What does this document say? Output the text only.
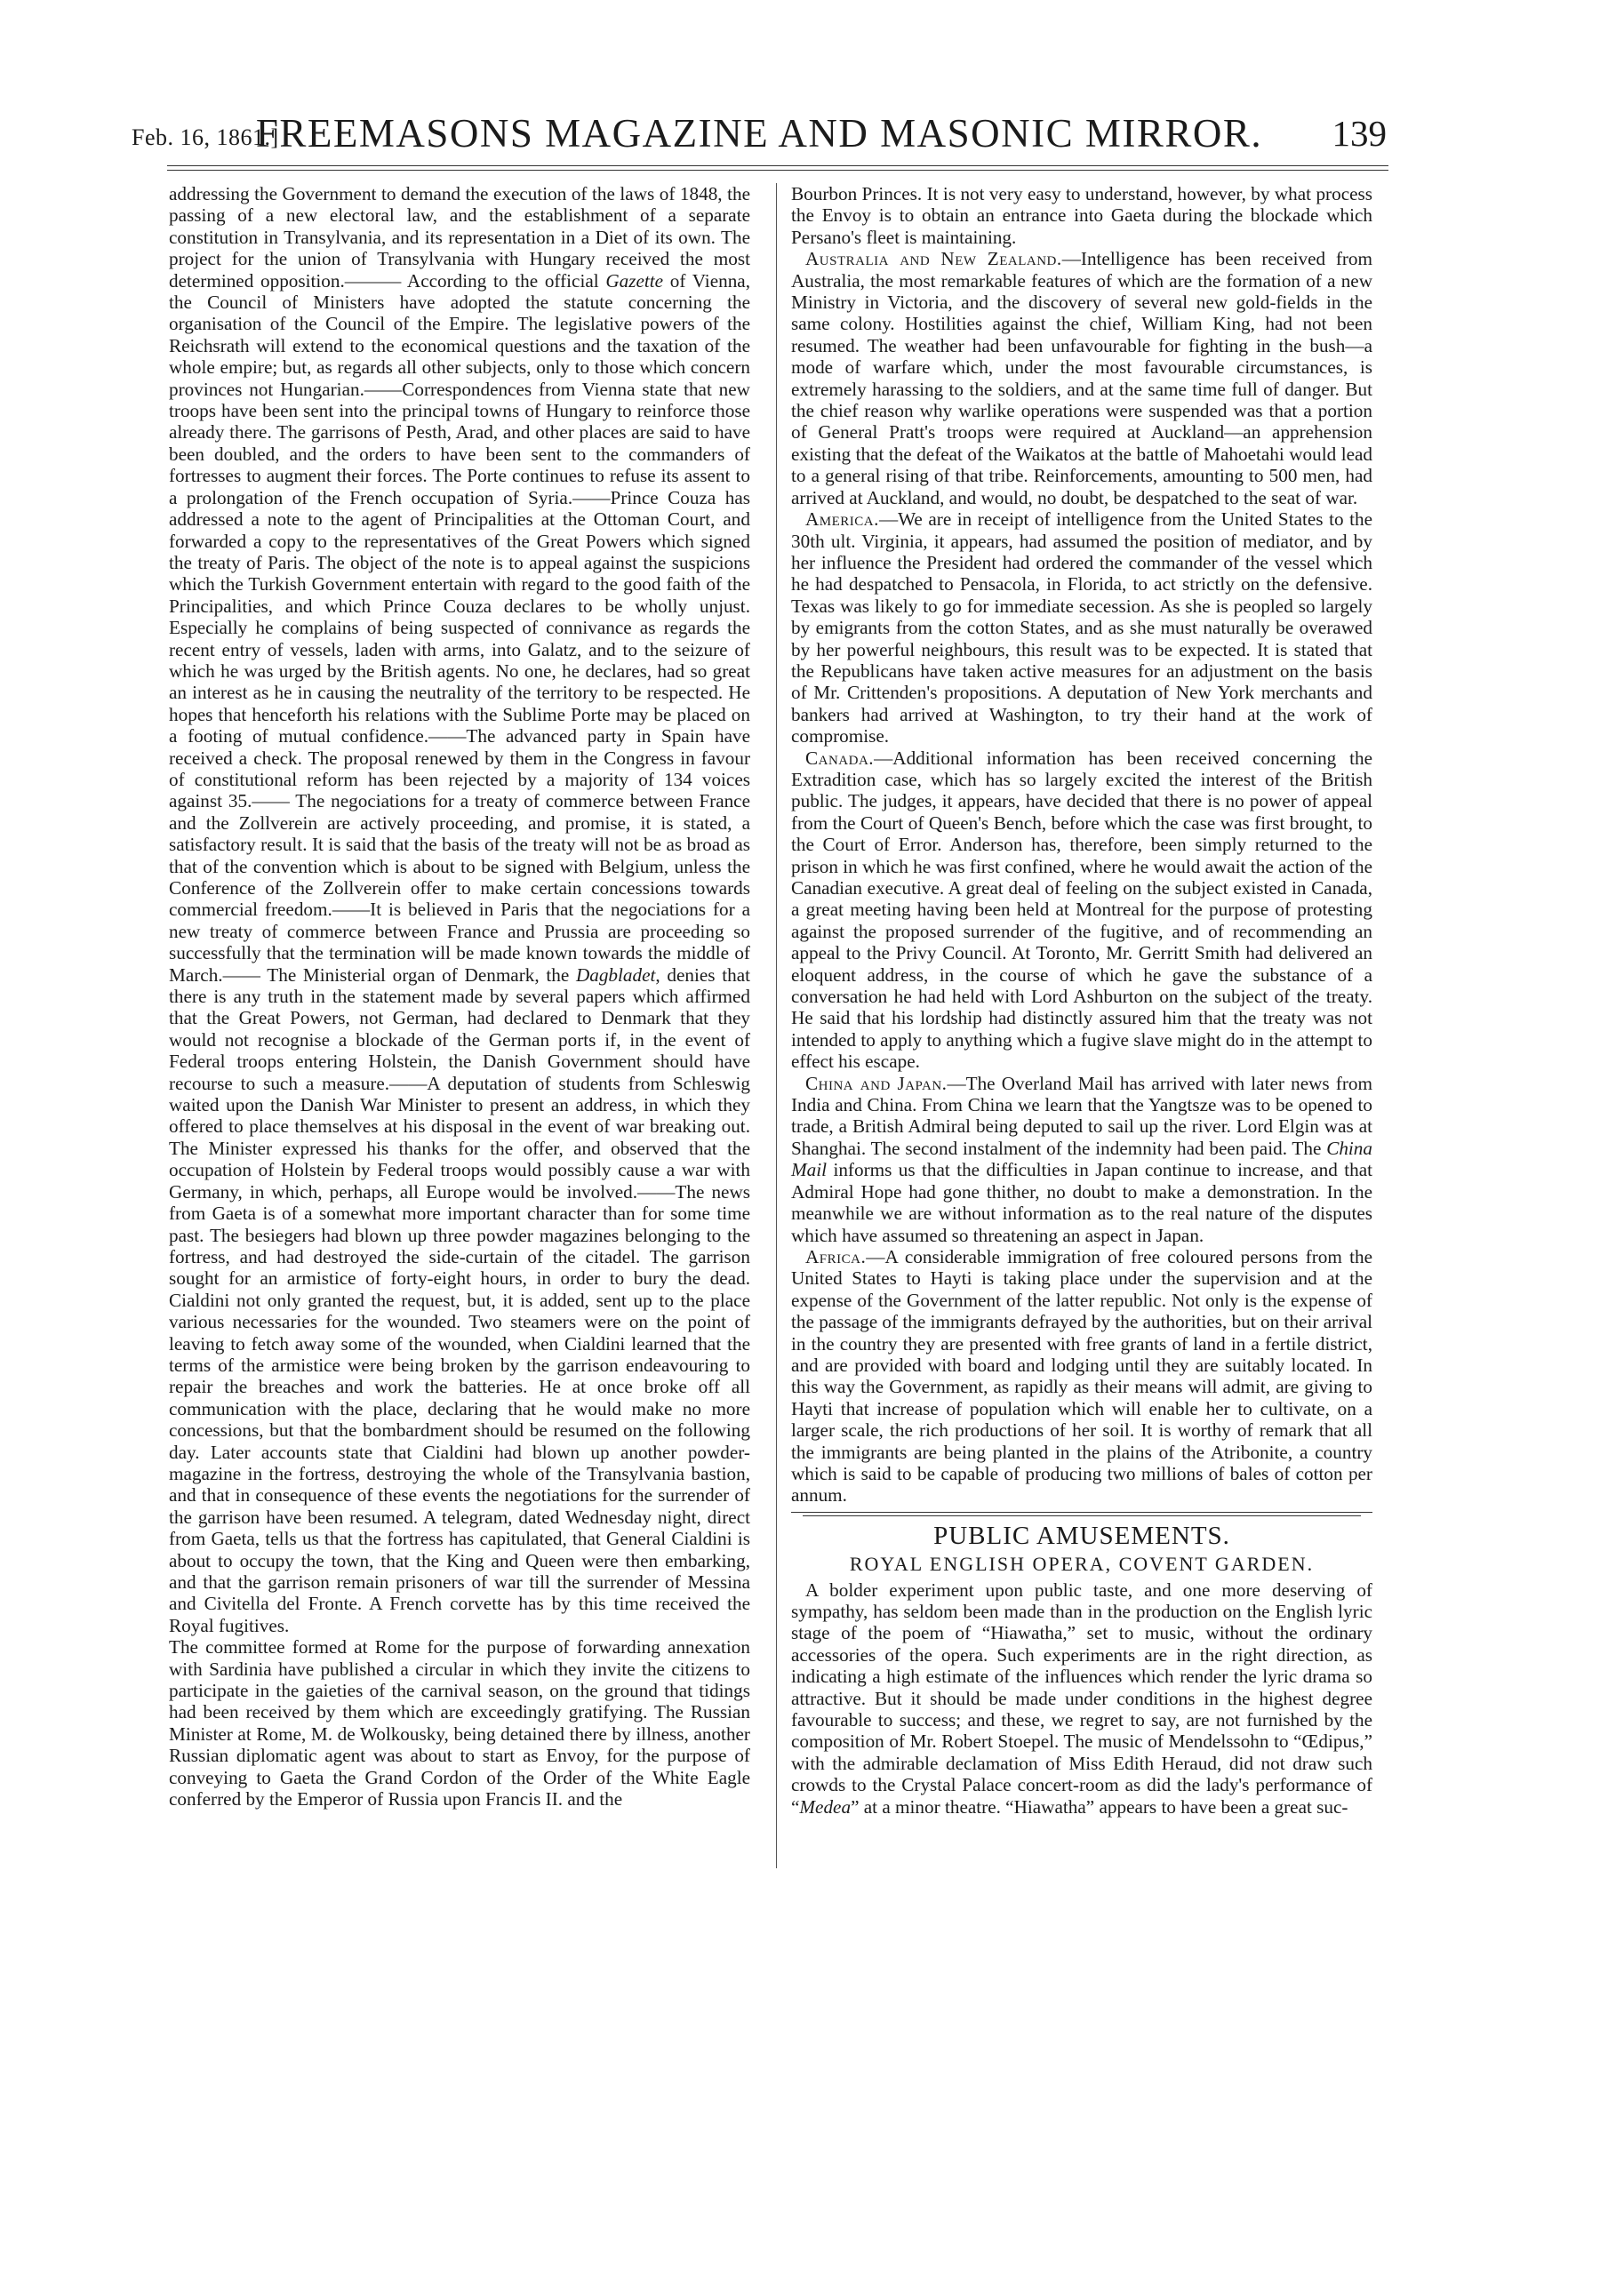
Feb. 16, 1861.]
FREEMASONS MAGAZINE AND MASONIC MIRROR.	139

addressing the Government to demand the execution of the laws of 1848, the passing of a new electoral law, and the establishment of a separate constitution in Transylvania, and its representation in a Diet of its own. The project for the union of Transylvania with Hungary received the most determined opposition.——— According to the official Gazette of Vienna, the Council of Ministers have adopted the statute concerning the organisation of the Council of the Empire. The legislative powers of the Reichsrath will extend to the economical questions and the taxation of the whole empire; but, as regards all other subjects, only to those which concern provinces not Hungarian.——Correspondences from Vienna state that new troops have been sent into the principal towns of Hungary to reinforce those already there. The garrisons of Pesth, Arad, and other places are said to have been doubled, and the orders to have been sent to the commanders of fortresses to augment their forces. The Porte continues to refuse its assent to a prolongation of the French occupation of Syria.——Prince Couza has addressed a note to the agent of Principalities at the Ottoman Court, and forwarded a copy to the representatives of the Great Powers which signed the treaty of Paris. The object of the note is to appeal against the suspicions which the Turkish Government entertain with regard to the good faith of the Principalities, and which Prince Couza declares to be wholly unjust. Especially he complains of being suspected of connivance as regards the recent entry of vessels, laden with arms, into Galatz, and to the seizure of which he was urged by the British agents. No one, he declares, had so great an interest as he in causing the neutrality of the territory to be respected. He hopes that henceforth his relations with the Sublime Porte may be placed on a footing of mutual confidence.——The advanced party in Spain have received a check. The proposal renewed by them in the Congress in favour of constitutional reform has been rejected by a majority of 134 voices against 35.—— The negociations for a treaty of commerce between France and the Zollverein are actively proceeding, and promise, it is stated, a satisfactory result. It is said that the basis of the treaty will not be as broad as that of the convention which is about to be signed with Belgium, unless the Conference of the Zollverein offer to make certain concessions towards commercial freedom.——It is believed in Paris that the negociations for a new treaty of commerce between France and Prussia are proceeding so successfully that the termination will be made known towards the middle of March.—— The Ministerial organ of Denmark, the Dagbladet, denies that there is any truth in the statement made by several papers which affirmed that the Great Powers, not German, had declared to Denmark that they would not recognise a blockade of the German ports if, in the event of Federal troops entering Holstein, the Danish Government should have recourse to such a measure.——A deputation of students from Schleswig waited upon the Danish War Minister to present an address, in which they offered to place themselves at his disposal in the event of war breaking out. The Minister expressed his thanks for the offer, and observed that the occupation of Holstein by Federal troops would possibly cause a war with Germany, in which, perhaps, all Europe would be involved.——The news from Gaeta is of a somewhat more important character than for some time past. The besiegers had blown up three powder magazines belonging to the fortress, and had destroyed the side-curtain of the citadel. The garrison sought for an armistice of forty-eight hours, in order to bury the dead. Cialdini not only granted the request, but, it is added, sent up to the place various necessaries for the wounded. Two steamers were on the point of leaving to fetch away some of the wounded, when Cialdini learned that the terms of the armistice were being broken by the garrison endeavouring to repair the breaches and work the batteries. He at once broke off all communication with the place, declaring that he would make no more concessions, but that the bombardment should be resumed on the following day. Later accounts state that Cialdini had blown up another powder-magazine in the fortress, destroying the whole of the Transylvania bastion, and that in consequence of these events the negotiations for the surrender of the garrison have been resumed. A telegram, dated Wednesday night, direct from Gaeta, tells us that the fortress has capitulated, that General Cialdini is about to occupy the town, that the King and Queen were then embarking, and that the garrison remain prisoners of war till the surrender of Messina and Civitella del Fronte. A French corvette has by this time received the Royal fugitives.

The committee formed at Rome for the purpose of forwarding annexation with Sardinia have published a circular in which they invite the citizens to participate in the gaieties of the carnival season, on the ground that tidings had been received by them which are exceedingly gratifying. The Russian Minister at Rome, M. de Wolkousky, being detained there by illness, another Russian diplomatic agent was about to start as Envoy, for the purpose of conveying to Gaeta the Grand Cordon of the Order of the White Eagle conferred by the Emperor of Russia upon Francis II. and the

Bourbon Princes. It is not very easy to understand, however, by what process the Envoy is to obtain an entrance into Gaeta during the blockade which Persano's fleet is maintaining.

Australia and New Zealand.—Intelligence has been received from Australia, the most remarkable features of which are the formation of a new Ministry in Victoria, and the discovery of several new gold-fields in the same colony. Hostilities against the chief, William King, had not been resumed. The weather had been unfavourable for fighting in the bush—a mode of warfare which, under the most favourable circumstances, is extremely harassing to the soldiers, and at the same time full of danger. But the chief reason why warlike operations were suspended was that a portion of General Pratt's troops were required at Auckland—an apprehension existing that the defeat of the Waikatos at the battle of Mahoetahi would lead to a general rising of that tribe. Reinforcements, amounting to 500 men, had arrived at Auckland, and would, no doubt, be despatched to the seat of war.

America.—We are in receipt of intelligence from the United States to the 30th ult. Virginia, it appears, had assumed the position of mediator, and by her influence the President had ordered the commander of the vessel which he had despatched to Pensacola, in Florida, to act strictly on the defensive. Texas was likely to go for immediate secession. As she is peopled so largely by emigrants from the cotton States, and as she must naturally be overawed by her powerful neighbours, this result was to be expected. It is stated that the Republicans have taken active measures for an adjustment on the basis of Mr. Crittenden's propositions. A deputation of New York merchants and bankers had arrived at Washington, to try their hand at the work of compromise.

Canada.—Additional information has been received concerning the Extradition case, which has so largely excited the interest of the British public. The judges, it appears, have decided that there is no power of appeal from the Court of Queen's Bench, before which the case was first brought, to the Court of Error. Anderson has, therefore, been simply returned to the prison in which he was first confined, where he would await the action of the Canadian executive. A great deal of feeling on the subject existed in Canada, a great meeting having been held at Montreal for the purpose of protesting against the proposed surrender of the fugitive, and of recommending an appeal to the Privy Council. At Toronto, Mr. Gerritt Smith had delivered an eloquent address, in the course of which he gave the substance of a conversation he had held with Lord Ashburton on the subject of the treaty. He said that his lordship had distinctly assured him that the treaty was not intended to apply to anything which a fugive slave might do in the attempt to effect his escape.

China and Japan.—The Overland Mail has arrived with later news from India and China. From China we learn that the Yangtsze was to be opened to trade, a British Admiral being deputed to sail up the river. Lord Elgin was at Shanghai. The second instalment of the indemnity had been paid. The China Mail informs us that the difficulties in Japan continue to increase, and that Admiral Hope had gone thither, no doubt to make a demonstration. In the meanwhile we are without information as to the real nature of the disputes which have assumed so threatening an aspect in Japan.

Africa.—A considerable immigration of free coloured persons from the United States to Hayti is taking place under the supervision and at the expense of the Government of the latter republic. Not only is the expense of the passage of the immigrants defrayed by the authorities, but on their arrival in the country they are presented with free grants of land in a fertile district, and are provided with board and lodging until they are suitably located. In this way the Government, as rapidly as their means will admit, are giving to Hayti that increase of population which will enable her to cultivate, on a larger scale, the rich productions of her soil. It is worthy of remark that all the immigrants are being planted in the plains of the Atribonite, a country which is said to be capable of producing two millions of bales of cotton per annum.

PUBLIC AMUSEMENTS.
ROYAL ENGLISH OPERA, COVENT GARDEN.

A bolder experiment upon public taste, and one more deserving of sympathy, has seldom been made than in the production on the English lyric stage of the poem of “Hiawatha,” set to music, without the ordinary accessories of the opera. Such experiments are in the right direction, as indicating a high estimate of the influences which render the lyric drama so attractive. But it should be made under conditions in the highest degree favourable to success; and these, we regret to say, are not furnished by the composition of Mr. Robert Stoepel. The music of Mendelssohn to “Œdipus,” with the admirable declamation of Miss Edith Heraud, did not draw such crowds to the Crystal Palace concert-room as did the lady's performance of “Medea” at a minor theatre. “Hiawatha” appears to have been a great suc-
